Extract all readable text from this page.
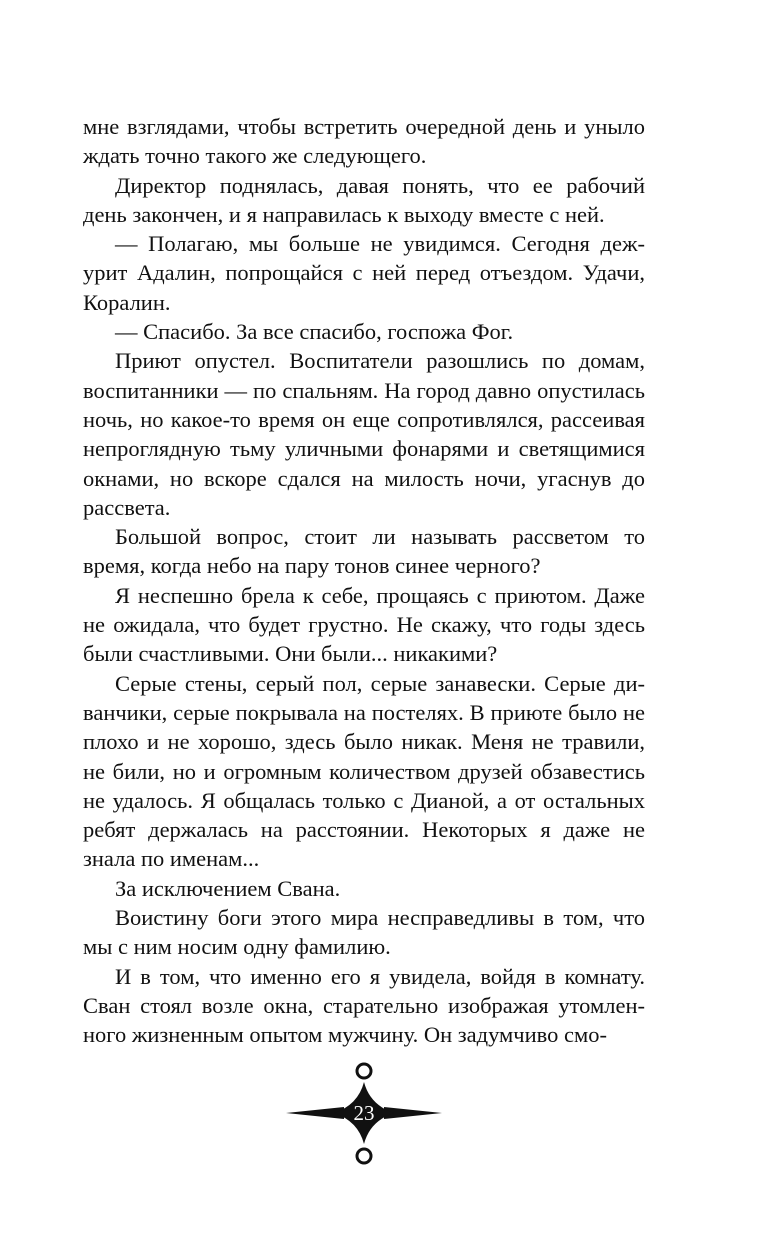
мне взглядами, чтобы встретить очередной день и уныло ждать точно такого же следующего.

Директор поднялась, давая понять, что ее рабочий день закончен, и я направилась к выходу вместе с ней.

— Полагаю, мы больше не увидимся. Сегодня дежурит Адалин, попрощайся с ней перед отъездом. Удачи, Коралин.

— Спасибо. За все спасибо, госпожа Фог.

Приют опустел. Воспитатели разошлись по домам, воспитанники — по спальням. На город давно опустилась ночь, но какое-то время он еще сопротивлялся, рассеивая непроглядную тьму уличными фонарями и светящимися окнами, но вскоре сдался на милость ночи, угаснув до рассвета.

Большой вопрос, стоит ли называть рассветом то время, когда небо на пару тонов синее черного?

Я неспешно брела к себе, прощаясь с приютом. Даже не ожидала, что будет грустно. Не скажу, что годы здесь были счастливыми. Они были... никакими?

Серые стены, серый пол, серые занавески. Серые диванчики, серые покрывала на постелях. В приюте было не плохо и не хорошо, здесь было никак. Меня не травили, не били, но и огромным количеством друзей обзавестись не удалось. Я общалась только с Дианой, а от остальных ребят держалась на расстоянии. Некоторых я даже не знала по именам...

За исключением Свана.

Воистину боги этого мира несправедливы в том, что мы с ним носим одну фамилию.

И в том, что именно его я увидела, войдя в комнату. Сван стоял возле окна, старательно изображая утомленного жизненным опытом мужчину. Он задумчиво смо-

23
